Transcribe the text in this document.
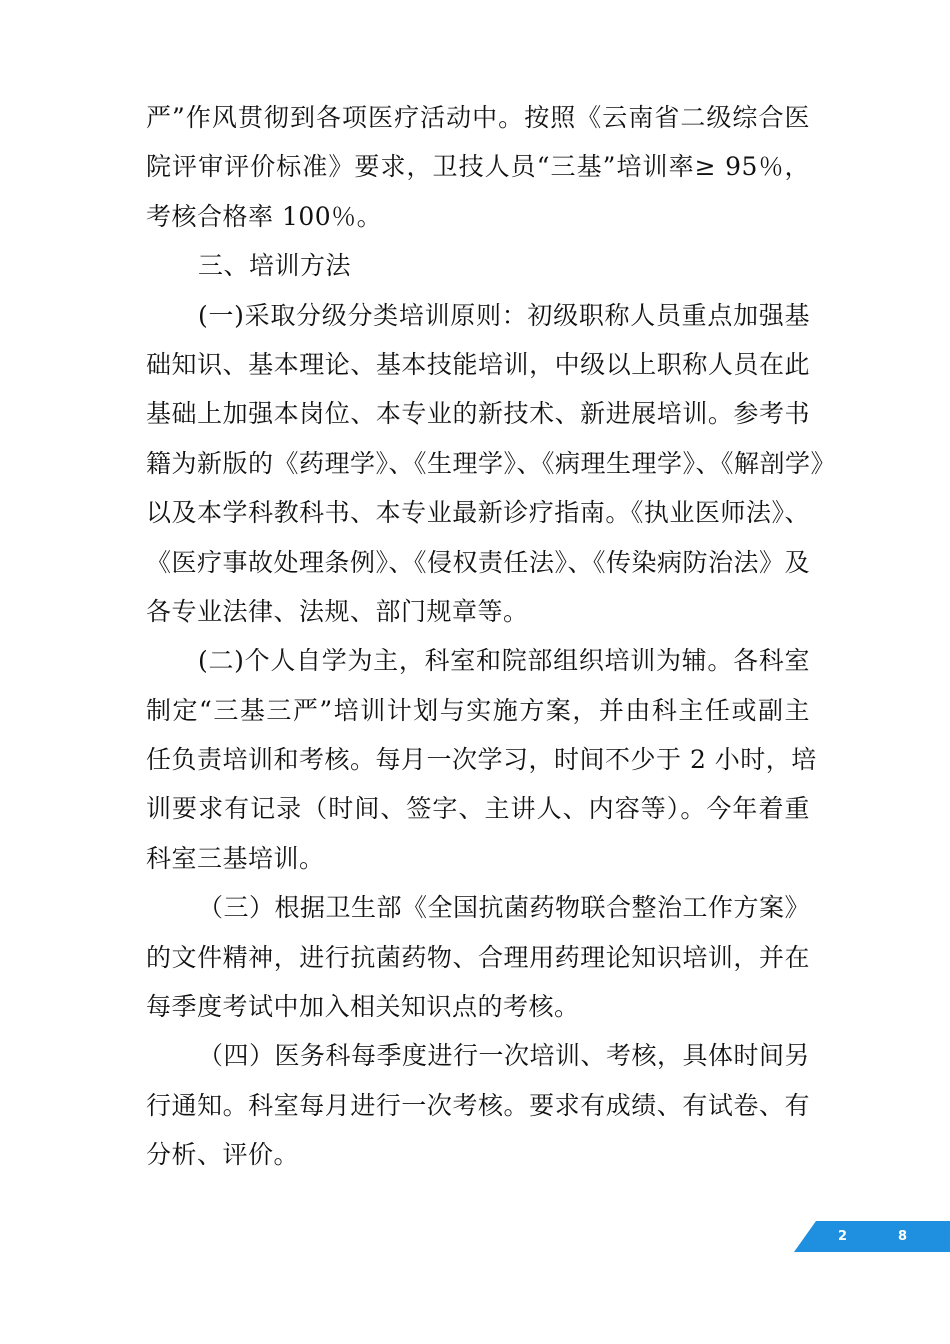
严”作风贯彻到各项医疗活动中。按照《云南省二级综合医
院评审评价标准》要求，卫技人员“三基”培训率≥ 95％，
考核合格率 100％。
三、培训方法
(一)采取分级分类培训原则：初级职称人员重点加强基
础知识、基本理论、基本技能培训，中级以上职称人员在此
基础上加强本岗位、本专业的新技术、新进展培训。参考书
籍为新版的《药理学》、《生理学》、《病理生理学》、《解剖学》
以及本学科教科书、本专业最新诊疗指南。《执业医师法》、
《医疗事故处理条例》、《侵权责任法》、《传染病防治法》及
各专业法律、法规、部门规章等。
(二)个人自学为主，科室和院部组织培训为辅。各科室
制定“三基三严”培训计划与实施方案，并由科主任或副主
任负责培训和考核。每月一次学习，时间不少于 2 小时，培
训要求有记录（时间、签字、主讲人、内容等）。今年着重
科室三基培训。
（三）根据卫生部《全国抗菌药物联合整治工作方案》
的文件精神，进行抗菌药物、合理用药理论知识培训，并在
每季度考试中加入相关知识点的考核。
（四）医务科每季度进行一次培训、考核，具体时间另
行通知。科室每月进行一次考核。要求有成绩、有试卷、有
分析、评价。
2	8
